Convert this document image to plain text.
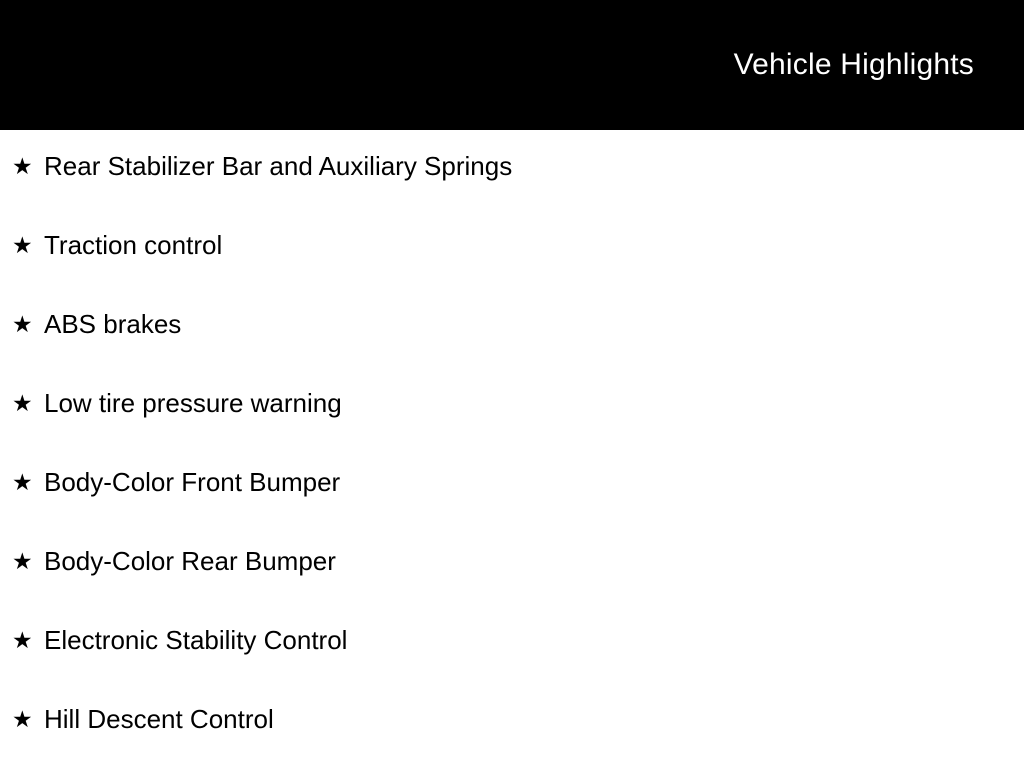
Vehicle Highlights
★ Rear Stabilizer Bar and Auxiliary Springs
★ Traction control
★ ABS brakes
★ Low tire pressure warning
★ Body-Color Front Bumper
★ Body-Color Rear Bumper
★ Electronic Stability Control
★ Hill Descent Control
